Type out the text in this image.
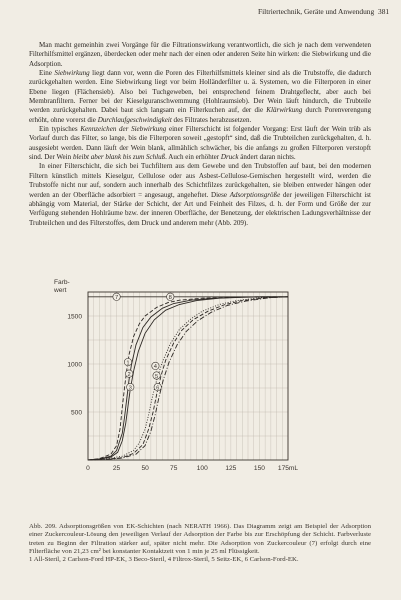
Filtriertechnik, Geräte und Anwendung 381

Man macht gemeinhin zwei Vorgänge für die Filtrationswirkung verantwortlich, die sich je nach dem verwendeten Filterhilfsmittel ergänzen, überdecken oder mehr nach der einen oder anderen Seite hin wirken: die Siebwirkung und die Adsorption.

Eine Siebwirkung liegt dann vor, wenn die Poren des Filterhilfsmittels kleiner sind als die Trubstoffe, die dadurch zurückgehalten werden. Eine Siebwirkung liegt vor beim Holländerfilter u. ä. Systemen, wo die Filterporen in einer Ebene liegen (Flächensieb). Also bei Tuchgeweben, bei entsprechend feinem Drahtgeflecht, aber auch bei Membranfiltern. Ferner bei der Kieselguranschwemmung (Hohlraumsieb). Der Wein läuft hindurch, die Trubteile werden zurückgehalten. Dabei baut sich langsam ein Filterkuchen auf, der die Klärwirkung durch Porenverengung erhöht, ohne vorerst die Durchlaufgeschwindigkeit des Filtrates herabzusetzen.

Ein typisches Kennzeichen der Siebwirkung einer Filterschicht ist folgender Vorgang: Erst läuft der Wein trüb als Vorlauf durch das Filter, so lange, bis die Filterporen soweit „gestopft“ sind, daß die Trubteilchen zurückgehalten, d. h. ausgesiebt werden. Dann läuft der Wein blank, allmählich schwächer, bis die anfangs zu großen Filterporen verstopft sind. Der Wein bleibt aber blank bis zum Schluß. Auch ein erhöhter Druck ändert daran nichts.

In einer Filterschicht, die sich bei Tuchfiltern aus dem Gewebe und den Trubstoffen auf baut, bei den modernen Filtern künstlich mittels Kieselgur, Cellulose oder aus Asbest-Cellulose-Gemischen hergestellt wird, werden die Trubstoffe nicht nur auf, sondern auch innerhalb des Schichtfilzes zurückgehalten, sie bleiben entweder hängen oder werden an der Oberfläche adsorbiert = angesaugt, angeheftet. Diese Adsorptionsgröße der jeweiligen Filterschicht ist abhängig vom Material, der Stärke der Schicht, der Art und Feinheit des Filzes, d. h. der Form und Größe der zur Verfügung stehenden Hohlräume bzw. der inneren Oberfläche, der Benetzung, der elektrischen Ladungsverhältnisse der Trubteilchen und des Filterstoffes, dem Druck und anderem mehr (Abb. 209).

Farb-
wert
500
1000
1500
0	25	50	75	100	125	150 175mL
1
2
3
4
5
6
7	8

Abb. 209. Adsorptionsgrößen von EK-Schichten (nach NERATH 1966). Das Diagramm zeigt am Beispiel der Adsorption einer Zuckercouleur-Lösung den jeweiligen Verlauf der Adsorption der Farbe bis zur Erschöpfung der Schicht. Farbverluste treten zu Beginn der Filtration stärker auf, später nicht mehr. Die Adsorption von Zuckercouleur (7) erfolgt durch eine Filterfläche von 21,23 cm² bei konstanter Kontaktzeit von 1 min je 25 ml Flüssigkeit.

1 All-Steril, 2 Carlson-Ford HP-EK, 3 Beco-Steril, 4 Filtrox-Steril, 5 Seitz-EK, 6 Carlson-Ford-EK.
